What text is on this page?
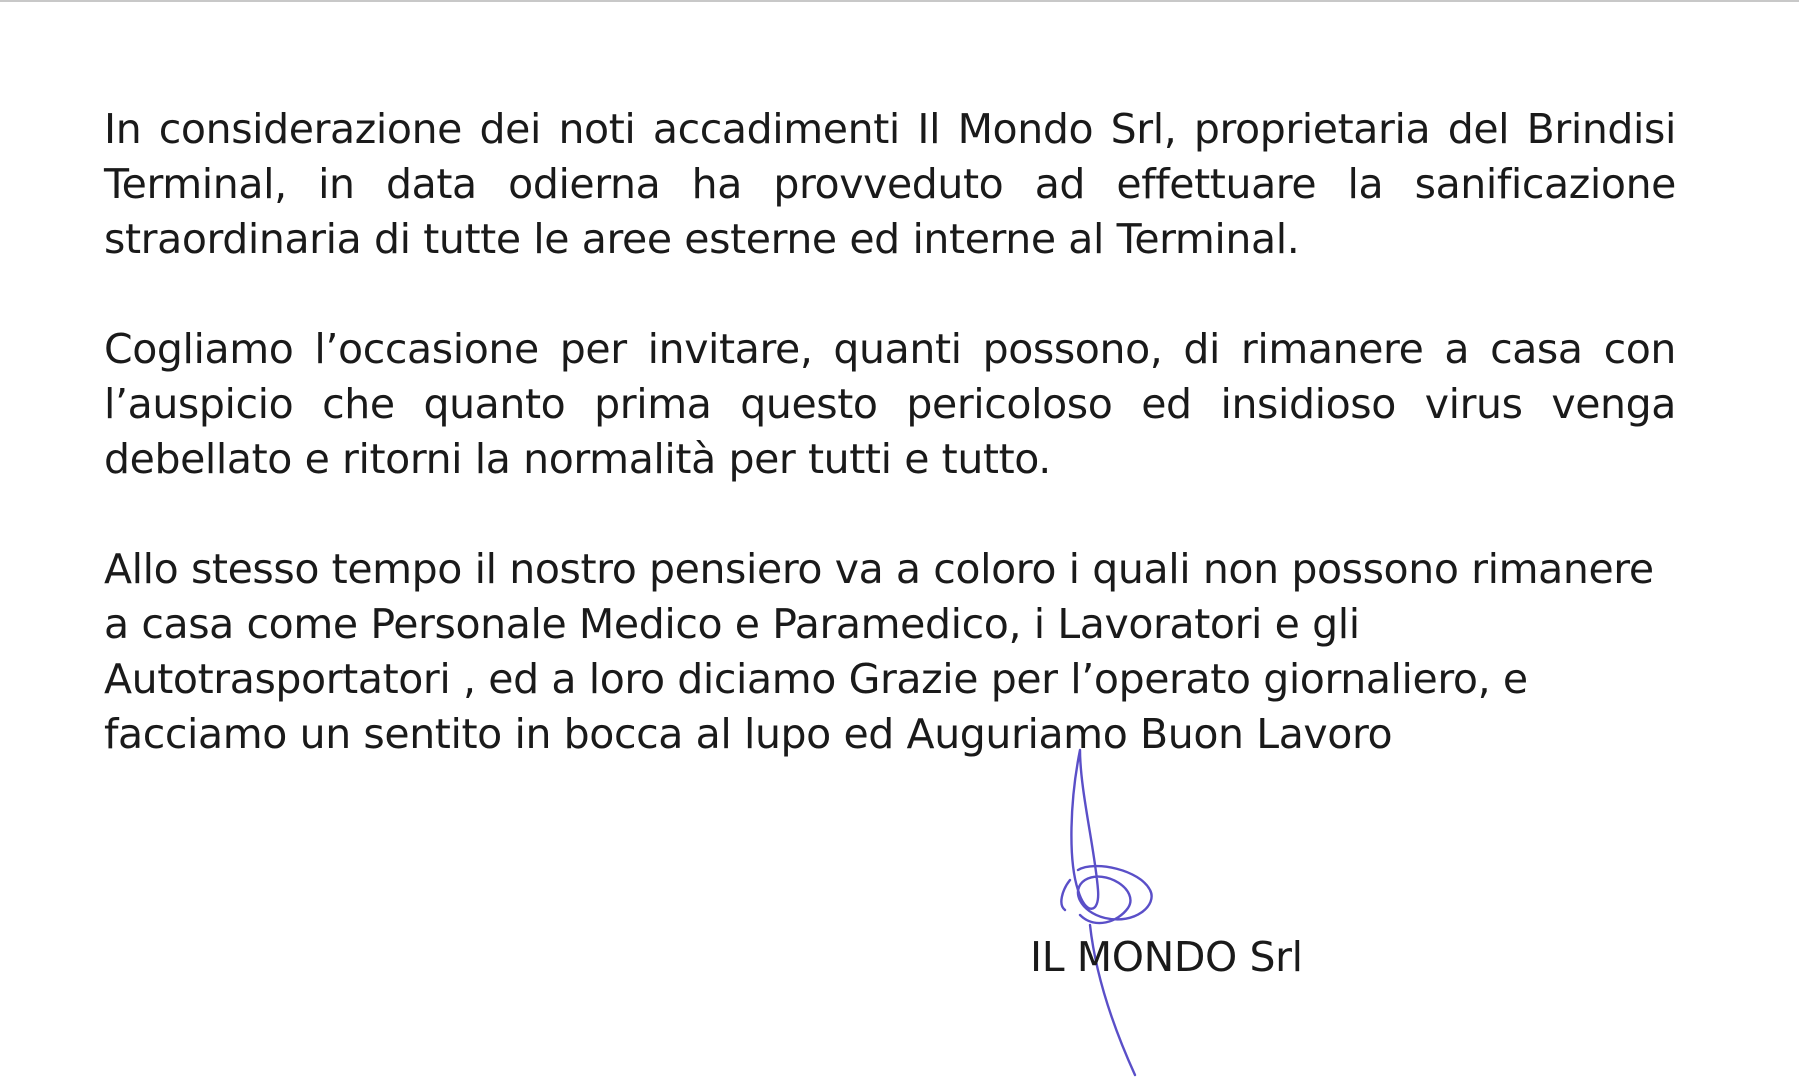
In considerazione dei noti accadimenti Il Mondo Srl, proprietaria del Brindisi Terminal, in data odierna ha provveduto ad effettuare la sanificazione straordinaria di tutte le aree esterne ed interne al Terminal.

Cogliamo l’occasione per invitare, quanti possono, di rimanere a casa con l’auspicio che quanto prima questo pericoloso ed insidioso virus venga debellato e ritorni la normalità per tutti e tutto.

Allo stesso tempo il nostro pensiero va a coloro i quali non possono rimanere
a casa come Personale Medico e Paramedico, i Lavoratori e gli
Autotrasportatori , ed a loro diciamo Grazie per l’operato giornaliero, e
facciamo un sentito in bocca al lupo ed Auguriamo Buon Lavoro

IL MONDO Srl
